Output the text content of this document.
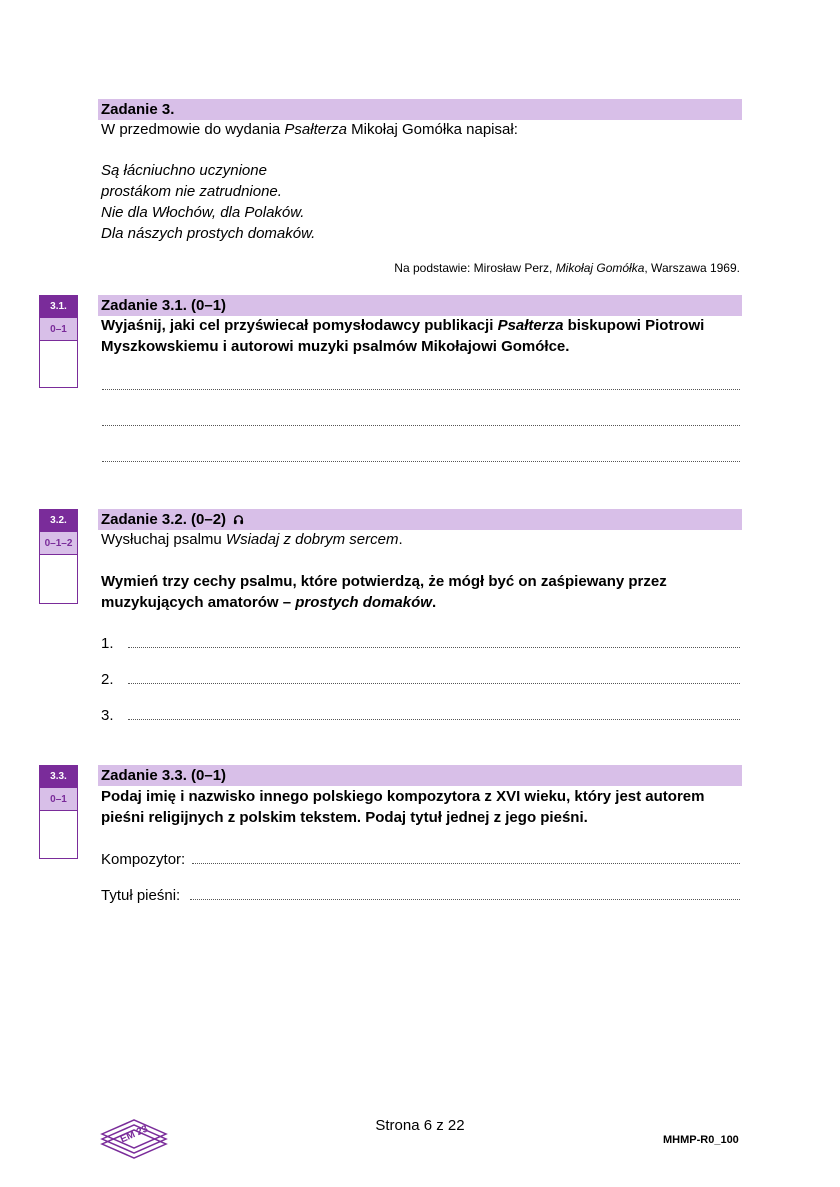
Zadanie 3.
W przedmowie do wydania Psałterza Mikołaj Gomółka napisał:
Są łácniuchno uczynione
prostákom nie zatrudnione.
Nie dla Włochów, dla Polaków.
Dla nászych prostych domaków.
Na podstawie: Mirosław Perz, Mikołaj Gomółka, Warszawa 1969.
3.1.
0–1
Zadanie 3.1. (0–1)
Wyjaśnij, jaki cel przyświecał pomysłodawcy publikacji Psałterza biskupowi Piotrowi
Myszkowskiemu i autorowi muzyki psalmów Mikołajowi Gomółce.
3.2.
0–1–2
Zadanie 3.2. (0–2)
Wysłuchaj psalmu Wsiadaj z dobrym sercem.
Wymień trzy cechy psalmu, które potwierdzą, że mógł być on zaśpiewany przez
muzykujących amatorów – prostych domaków.
1.
2.
3.
3.3.
0–1
Zadanie 3.3. (0–1)
Podaj imię i nazwisko innego polskiego kompozytora z XVI wieku, który jest autorem
pieśni religijnych z polskim tekstem. Podaj tytuł jednej z jego pieśni.
Kompozytor:
Tytuł pieśni:
EM 23	Strona 6 z 22
MHMP-R0_100
